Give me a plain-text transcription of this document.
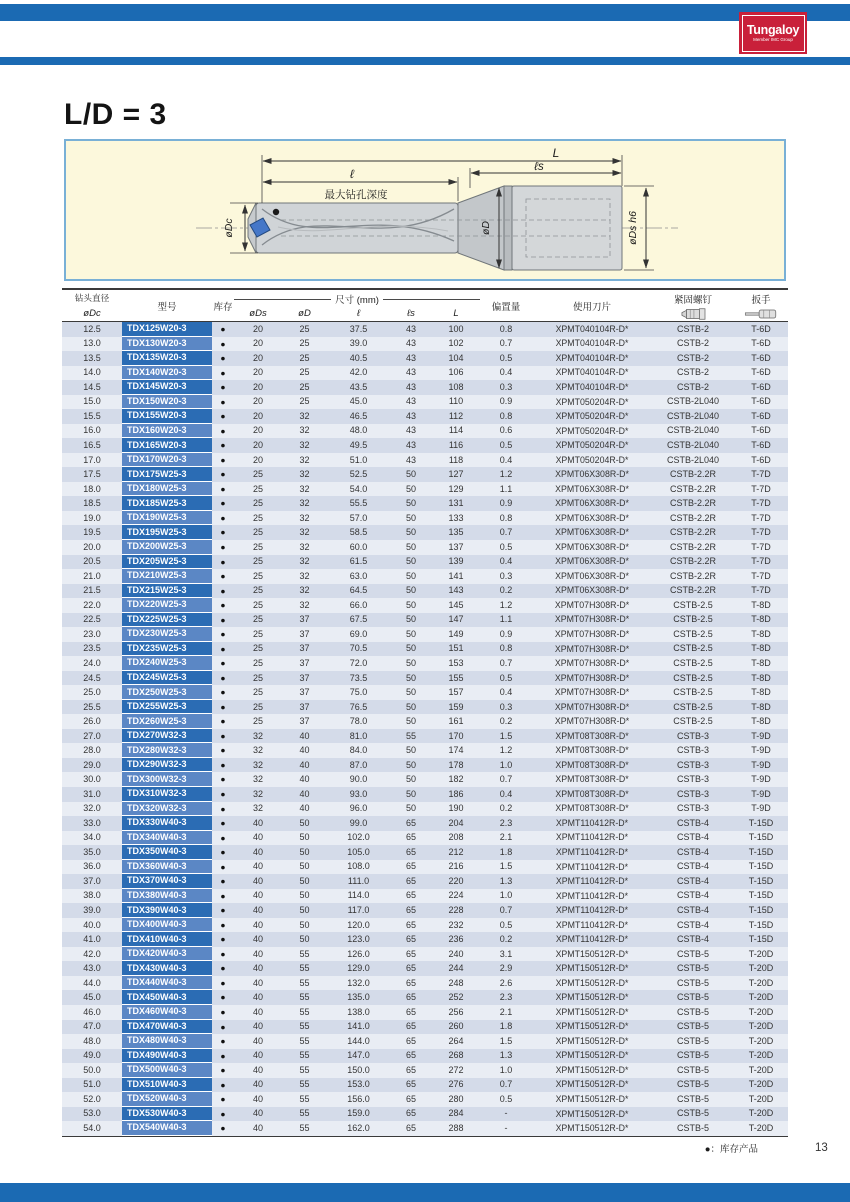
Tungaloy
Member IMC Group
L/D = 3
L
ℓs
ℓ
最大钻孔深度
øDc	øD	øDs h6
钻头直径
øDc
型号	库存
尺寸 (mm)
øDs	øD	ℓ	ℓs	L
偏置量	使用刀片
紧固螺钉	扳手
12.5	TDX125W20-3	●	20	25	37.5	43	100	0.8	XPMT040104R-D*	CSTB-2	T-6D
13.0	TDX130W20-3	●	20	25	39.0	43	102	0.7	XPMT040104R-D*	CSTB-2	T-6D
13.5	TDX135W20-3	●	20	25	40.5	43	104	0.5	XPMT040104R-D*	CSTB-2	T-6D
14.0	TDX140W20-3	●	20	25	42.0	43	106	0.4	XPMT040104R-D*	CSTB-2	T-6D
14.5	TDX145W20-3	●	20	25	43.5	43	108	0.3	XPMT040104R-D*	CSTB-2	T-6D
15.0	TDX150W20-3	●	20	25	45.0	43	110	0.9	XPMT050204R-D*	CSTB-2L040	T-6D
15.5	TDX155W20-3	●	20	32	46.5	43	112	0.8	XPMT050204R-D*	CSTB-2L040	T-6D
16.0	TDX160W20-3	●	20	32	48.0	43	114	0.6	XPMT050204R-D*	CSTB-2L040	T-6D
16.5	TDX165W20-3	●	20	32	49.5	43	116	0.5	XPMT050204R-D*	CSTB-2L040	T-6D
17.0	TDX170W20-3	●	20	32	51.0	43	118	0.4	XPMT050204R-D*	CSTB-2L040	T-6D
17.5	TDX175W25-3	●	25	32	52.5	50	127	1.2	XPMT06X308R-D*	CSTB-2.2R	T-7D
18.0	TDX180W25-3	●	25	32	54.0	50	129	1.1	XPMT06X308R-D*	CSTB-2.2R	T-7D
18.5	TDX185W25-3	●	25	32	55.5	50	131	0.9	XPMT06X308R-D*	CSTB-2.2R	T-7D
19.0	TDX190W25-3	●	25	32	57.0	50	133	0.8	XPMT06X308R-D*	CSTB-2.2R	T-7D
19.5	TDX195W25-3	●	25	32	58.5	50	135	0.7	XPMT06X308R-D*	CSTB-2.2R	T-7D
20.0	TDX200W25-3	●	25	32	60.0	50	137	0.5	XPMT06X308R-D*	CSTB-2.2R	T-7D
20.5	TDX205W25-3	●	25	32	61.5	50	139	0.4	XPMT06X308R-D*	CSTB-2.2R	T-7D
21.0	TDX210W25-3	●	25	32	63.0	50	141	0.3	XPMT06X308R-D*	CSTB-2.2R	T-7D
21.5	TDX215W25-3	●	25	32	64.5	50	143	0.2	XPMT06X308R-D*	CSTB-2.2R	T-7D
22.0	TDX220W25-3	●	25	32	66.0	50	145	1.2	XPMT07H308R-D*	CSTB-2.5	T-8D
22.5	TDX225W25-3	●	25	37	67.5	50	147	1.1	XPMT07H308R-D*	CSTB-2.5	T-8D
23.0	TDX230W25-3	●	25	37	69.0	50	149	0.9	XPMT07H308R-D*	CSTB-2.5	T-8D
23.5	TDX235W25-3	●	25	37	70.5	50	151	0.8	XPMT07H308R-D*	CSTB-2.5	T-8D
24.0	TDX240W25-3	●	25	37	72.0	50	153	0.7	XPMT07H308R-D*	CSTB-2.5	T-8D
24.5	TDX245W25-3	●	25	37	73.5	50	155	0.5	XPMT07H308R-D*	CSTB-2.5	T-8D
25.0	TDX250W25-3	●	25	37	75.0	50	157	0.4	XPMT07H308R-D*	CSTB-2.5	T-8D
25.5	TDX255W25-3	●	25	37	76.5	50	159	0.3	XPMT07H308R-D*	CSTB-2.5	T-8D
26.0	TDX260W25-3	●	25	37	78.0	50	161	0.2	XPMT07H308R-D*	CSTB-2.5	T-8D
27.0	TDX270W32-3	●	32	40	81.0	55	170	1.5	XPMT08T308R-D*	CSTB-3	T-9D
28.0	TDX280W32-3	●	32	40	84.0	50	174	1.2	XPMT08T308R-D*	CSTB-3	T-9D
29.0	TDX290W32-3	●	32	40	87.0	50	178	1.0	XPMT08T308R-D*	CSTB-3	T-9D
30.0	TDX300W32-3	●	32	40	90.0	50	182	0.7	XPMT08T308R-D*	CSTB-3	T-9D
31.0	TDX310W32-3	●	32	40	93.0	50	186	0.4	XPMT08T308R-D*	CSTB-3	T-9D
32.0	TDX320W32-3	●	32	40	96.0	50	190	0.2	XPMT08T308R-D*	CSTB-3	T-9D
33.0	TDX330W40-3	●	40	50	99.0	65	204	2.3	XPMT110412R-D*	CSTB-4	T-15D
34.0	TDX340W40-3	●	40	50	102.0	65	208	2.1	XPMT110412R-D*	CSTB-4	T-15D
35.0	TDX350W40-3	●	40	50	105.0	65	212	1.8	XPMT110412R-D*	CSTB-4	T-15D
36.0	TDX360W40-3	●	40	50	108.0	65	216	1.5	XPMT110412R-D*	CSTB-4	T-15D
37.0	TDX370W40-3	●	40	50	111.0	65	220	1.3	XPMT110412R-D*	CSTB-4	T-15D
38.0	TDX380W40-3	●	40	50	114.0	65	224	1.0	XPMT110412R-D*	CSTB-4	T-15D
39.0	TDX390W40-3	●	40	50	117.0	65	228	0.7	XPMT110412R-D*	CSTB-4	T-15D
40.0	TDX400W40-3	●	40	50	120.0	65	232	0.5	XPMT110412R-D*	CSTB-4	T-15D
41.0	TDX410W40-3	●	40	50	123.0	65	236	0.2	XPMT110412R-D*	CSTB-4	T-15D
42.0	TDX420W40-3	●	40	55	126.0	65	240	3.1	XPMT150512R-D*	CSTB-5	T-20D
43.0	TDX430W40-3	●	40	55	129.0	65	244	2.9	XPMT150512R-D*	CSTB-5	T-20D
44.0	TDX440W40-3	●	40	55	132.0	65	248	2.6	XPMT150512R-D*	CSTB-5	T-20D
45.0	TDX450W40-3	●	40	55	135.0	65	252	2.3	XPMT150512R-D*	CSTB-5	T-20D
46.0	TDX460W40-3	●	40	55	138.0	65	256	2.1	XPMT150512R-D*	CSTB-5	T-20D
47.0	TDX470W40-3	●	40	55	141.0	65	260	1.8	XPMT150512R-D*	CSTB-5	T-20D
48.0	TDX480W40-3	●	40	55	144.0	65	264	1.5	XPMT150512R-D*	CSTB-5	T-20D
49.0	TDX490W40-3	●	40	55	147.0	65	268	1.3	XPMT150512R-D*	CSTB-5	T-20D
50.0	TDX500W40-3	●	40	55	150.0	65	272	1.0	XPMT150512R-D*	CSTB-5	T-20D
51.0	TDX510W40-3	●	40	55	153.0	65	276	0.7	XPMT150512R-D*	CSTB-5	T-20D
52.0	TDX520W40-3	●	40	55	156.0	65	280	0.5	XPMT150512R-D*	CSTB-5	T-20D
53.0	TDX530W40-3	●	40	55	159.0	65	284	-	XPMT150512R-D*	CSTB-5	T-20D
54.0	TDX540W40-3	●	40	55	162.0	65	288	-	XPMT150512R-D*	CSTB-5	T-20D
●：库存产品	13
